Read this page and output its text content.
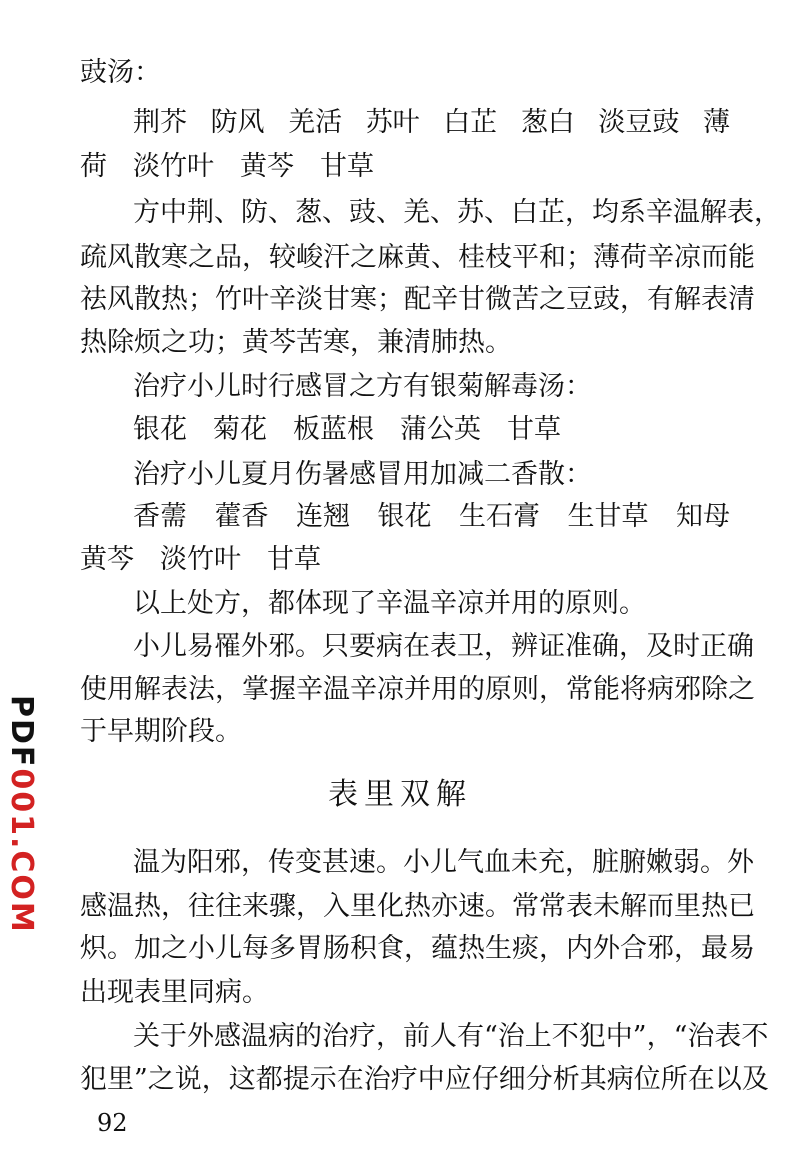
豉汤：
荆芥 防风 羌活 苏叶 白芷 葱白 淡豆豉 薄
荷 淡竹叶 黄芩 甘草
方中荆、防、葱、豉、羌、苏、白芷，均系辛温解表，
疏风散寒之品，较峻汗之麻黄、桂枝平和；薄荷辛凉而能
祛风散热；竹叶辛淡甘寒；配辛甘微苦之豆豉，有解表清
热除烦之功；黄芩苦寒，兼清肺热。
治疗小儿时行感冒之方有银菊解毒汤：
银花 菊花 板蓝根 蒲公英 甘草
治疗小儿夏月伤暑感冒用加减二香散：
香薷 藿香 连翘 银花 生石膏 生甘草 知母
黄芩 淡竹叶 甘草
以上处方，都体现了辛温辛凉并用的原则。
小儿易罹外邪。只要病在表卫，辨证准确，及时正确
使用解表法，掌握辛温辛凉并用的原则，常能将病邪除之
于早期阶段。
表里双解
温为阳邪，传变甚速。小儿气血未充，脏腑嫩弱。外
感温热，往往来骤，入里化热亦速。常常表未解而里热已
炽。加之小儿每多胃肠积食，蕴热生痰，内外合邪，最易
出现表里同病。
关于外感温病的治疗，前人有“治上不犯中”，“治表不
犯里”之说，这都提示在治疗中应仔细分析其病位所在以及
PDF001.COM
92
